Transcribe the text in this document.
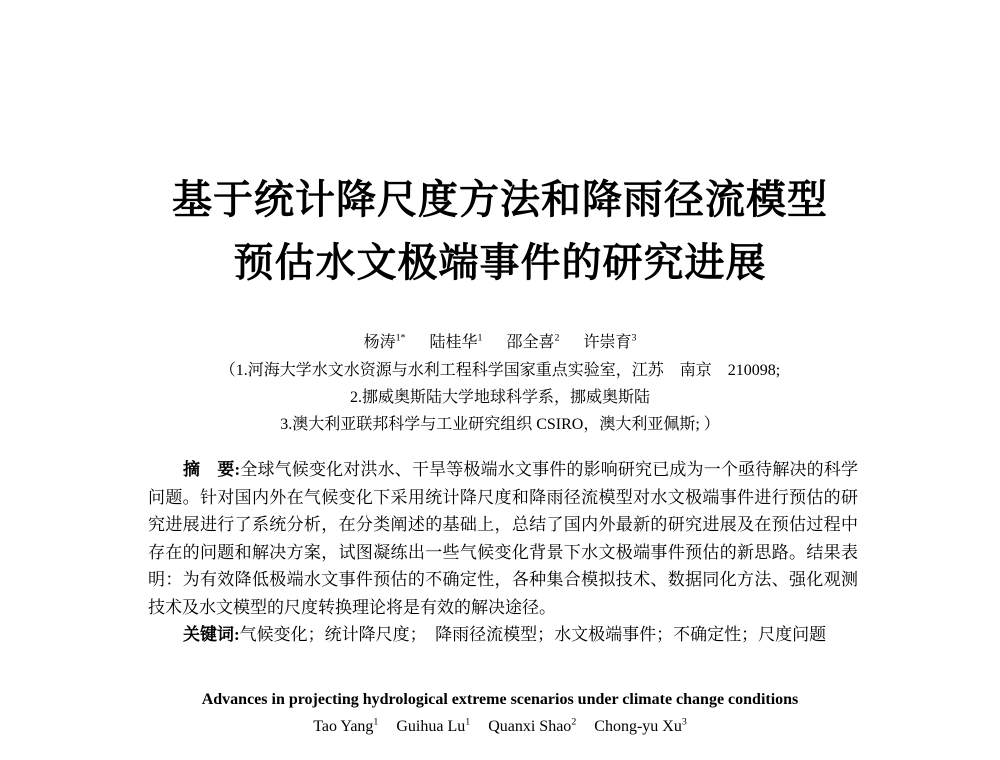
基于统计降尺度方法和降雨径流模型
预估水文极端事件的研究进展
杨涛$^{1*}$ 陆桂华$^1$ 邵全喜$^2$ 许崇育$^3$
（1.河海大学水文水资源与水利工程科学国家重点实验室，江苏　南京　210098;
2.挪威奥斯陆大学地球科学系，挪威奥斯陆
3.澳大利亚联邦科学与工业研究组织 CSIRO，澳大利亚佩斯; ）

摘　要:全球气候变化对洪水、干旱等极端水文事件的影响研究已成为一个亟待解决的科学问题。针对国内外在气候变化下采用统计降尺度和降雨径流模型对水文极端事件进行预估的研究进展进行了系统分析，在分类阐述的基础上，总结了国内外最新的研究进展及在预估过程中存在的问题和解决方案，试图凝练出一些气候变化背景下水文极端事件预估的新思路。结果表明：为有效降低极端水文事件预估的不确定性，各种集合模拟技术、数据同化方法、强化观测技术及水文模型的尺度转换理论将是有效的解决途径。

关键词:气候变化；统计降尺度；　降雨径流模型；水文极端事件；不确定性；尺度问题

Advances in projecting hydrological extreme scenarios under climate change conditions
Tao Yang$^1$ Guihua Lu$^1$ Quanxi Shao$^2$ Chong-yu Xu$^3$
